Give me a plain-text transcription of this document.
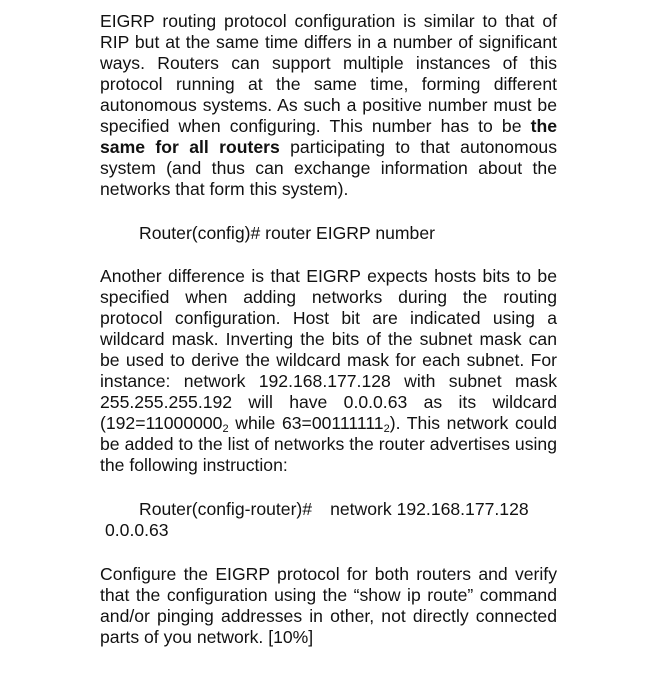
EIGRP routing protocol configuration is similar to that of RIP but at the same time differs in a number of significant ways. Routers can support multiple instances of this protocol running at the same time, forming different autonomous systems. As such a positive number must be specified when configuring. This number has to be the same for all routers participating to that autonomous system (and thus can exchange information about the networks that form this system).

Router(config)# router EIGRP number

Another difference is that EIGRP expects hosts bits to be specified when adding networks during the routing protocol configuration. Host bit are indicated using a wildcard mask. Inverting the bits of the subnet mask can be used to derive the wildcard mask for each subnet. For instance: network 192.168.177.128 with subnet mask 255.255.255.192 will have 0.0.0.63 as its wildcard ($192=11000000_2$ while $63=00111111_2$). This network could be added to the list of networks the router advertises using the following instruction:

Router(config-router)# network 192.168.177.128

0.0.0.63

Configure the EIGRP protocol for both routers and verify that the configuration using the “show ip route” command and/or pinging addresses in other, not directly connected parts of you network. [10%]
